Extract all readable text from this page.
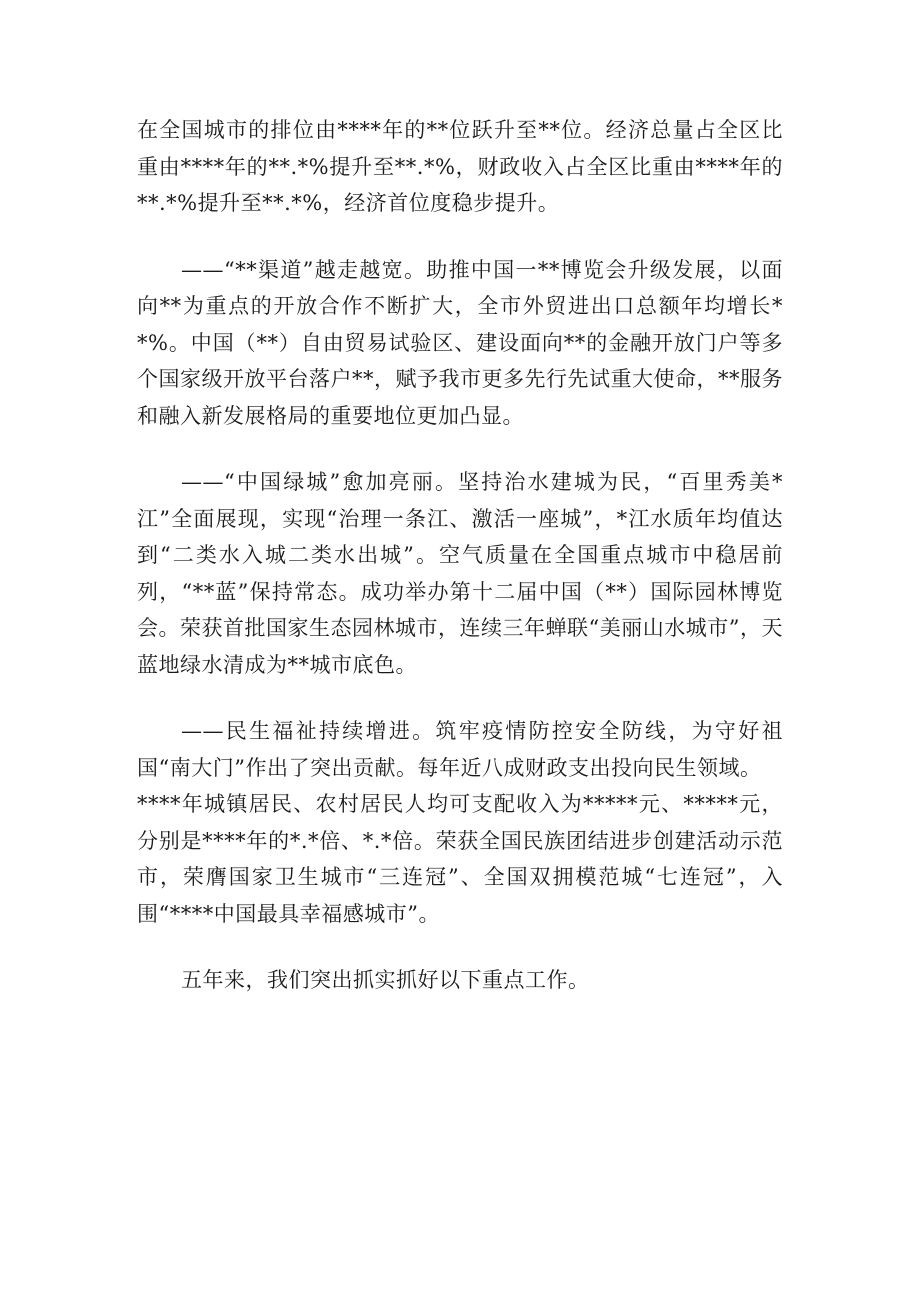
在全国城市的排位由****年的**位跃升至**位。经济总量占全区比重由****年的**.*%提升至**.*%，财政收入占全区比重由****年的**.*%提升至**.*%，经济首位度稳步提升。

——“**渠道”越走越宽。助推中国一**博览会升级发展，以面向**为重点的开放合作不断扩大，全市外贸进出口总额年均增长**%。中国（**）自由贸易试验区、建设面向**的金融开放门户等多个国家级开放平台落户**，赋予我市更多先行先试重大使命，**服务和融入新发展格局的重要地位更加凸显。

——“中国绿城”愈加亮丽。坚持治水建城为民，“百里秀美*江”全面展现，实现“治理一条江、激活一座城”，*江水质年均值达到“二类水入城二类水出城”。空气质量在全国重点城市中稳居前列，“**蓝”保持常态。成功举办第十二届中国（**）国际园林博览会。荣获首批国家生态园林城市，连续三年蝉联“美丽山水城市”，天蓝地绿水清成为**城市底色。

——民生福祉持续增进。筑牢疫情防控安全防线，为守好祖国“南大门”作出了突出贡献。每年近八成财政支出投向民生领域。

****年城镇居民、农村居民人均可支配收入为*****元、*****元，分别是****年的*.*倍、*.*倍。荣获全国民族团结进步创建活动示范市，荣膺国家卫生城市“三连冠”、全国双拥模范城“七连冠”，入围“****中国最具幸福感城市”。

五年来，我们突出抓实抓好以下重点工作。
